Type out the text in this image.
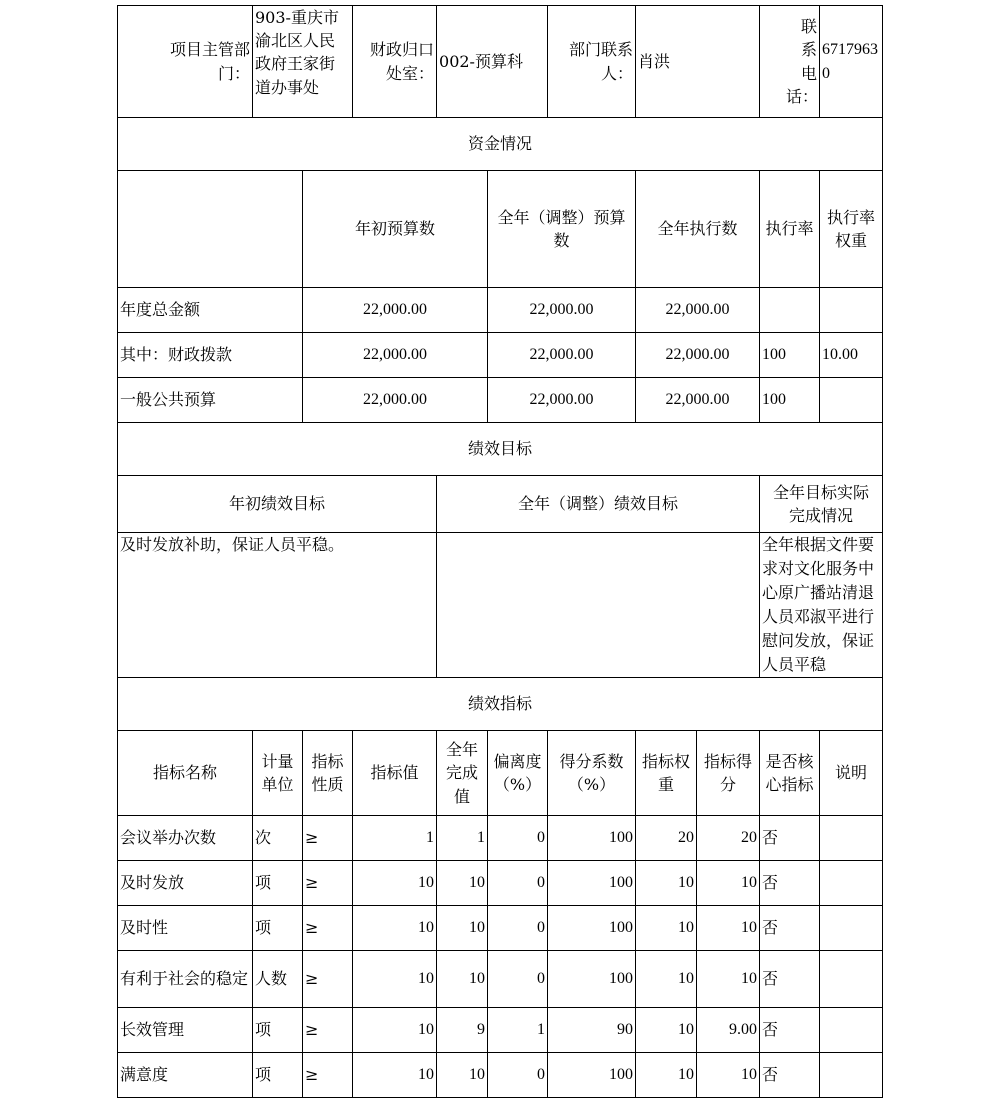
项目主管部门：	903-重庆市渝北区人民政府王家街道办事处		财政归口处室：	002-预算科		部门联系人：	肖洪		联系电话：	67179630	
资金情况											
		年初预算数			全年（调整）预算数		全年执行数		执行率	执行率权重	
年度总金额		22,000.00			22,000.00		22,000.00				
其中：财政拨款		22,000.00			22,000.00		22,000.00		100	10.00	
一般公共预算		22,000.00			22,000.00		22,000.00		100		
绩效目标											
年初绩效目标				全年（调整）绩效目标					全年目标实际完成情况		
及时发放补助，保证人员平稳。									全年根据文件要求对文化服务中心原广播站清退人员邓淑平进行慰问发放，保证人员平稳		
绩效指标											
指标名称	计量单位	指标性质	指标值	全年完成值	偏离度（%）	得分系数（%）	指标权重	指标得分	是否核心指标	说明	
会议举办次数	次	≥	1	1	0	100	20	20	否		
及时发放	项	≥	10	10	0	100	10	10	否		
及时性	项	≥	10	10	0	100	10	10	否		
有利于社会的稳定	人数	≥	10	10	0	100	10	10	否		
长效管理	项	≥	10	9	1	90	10	9.00	否		
满意度	项	≥	10	10	0	100	10	10	否		
